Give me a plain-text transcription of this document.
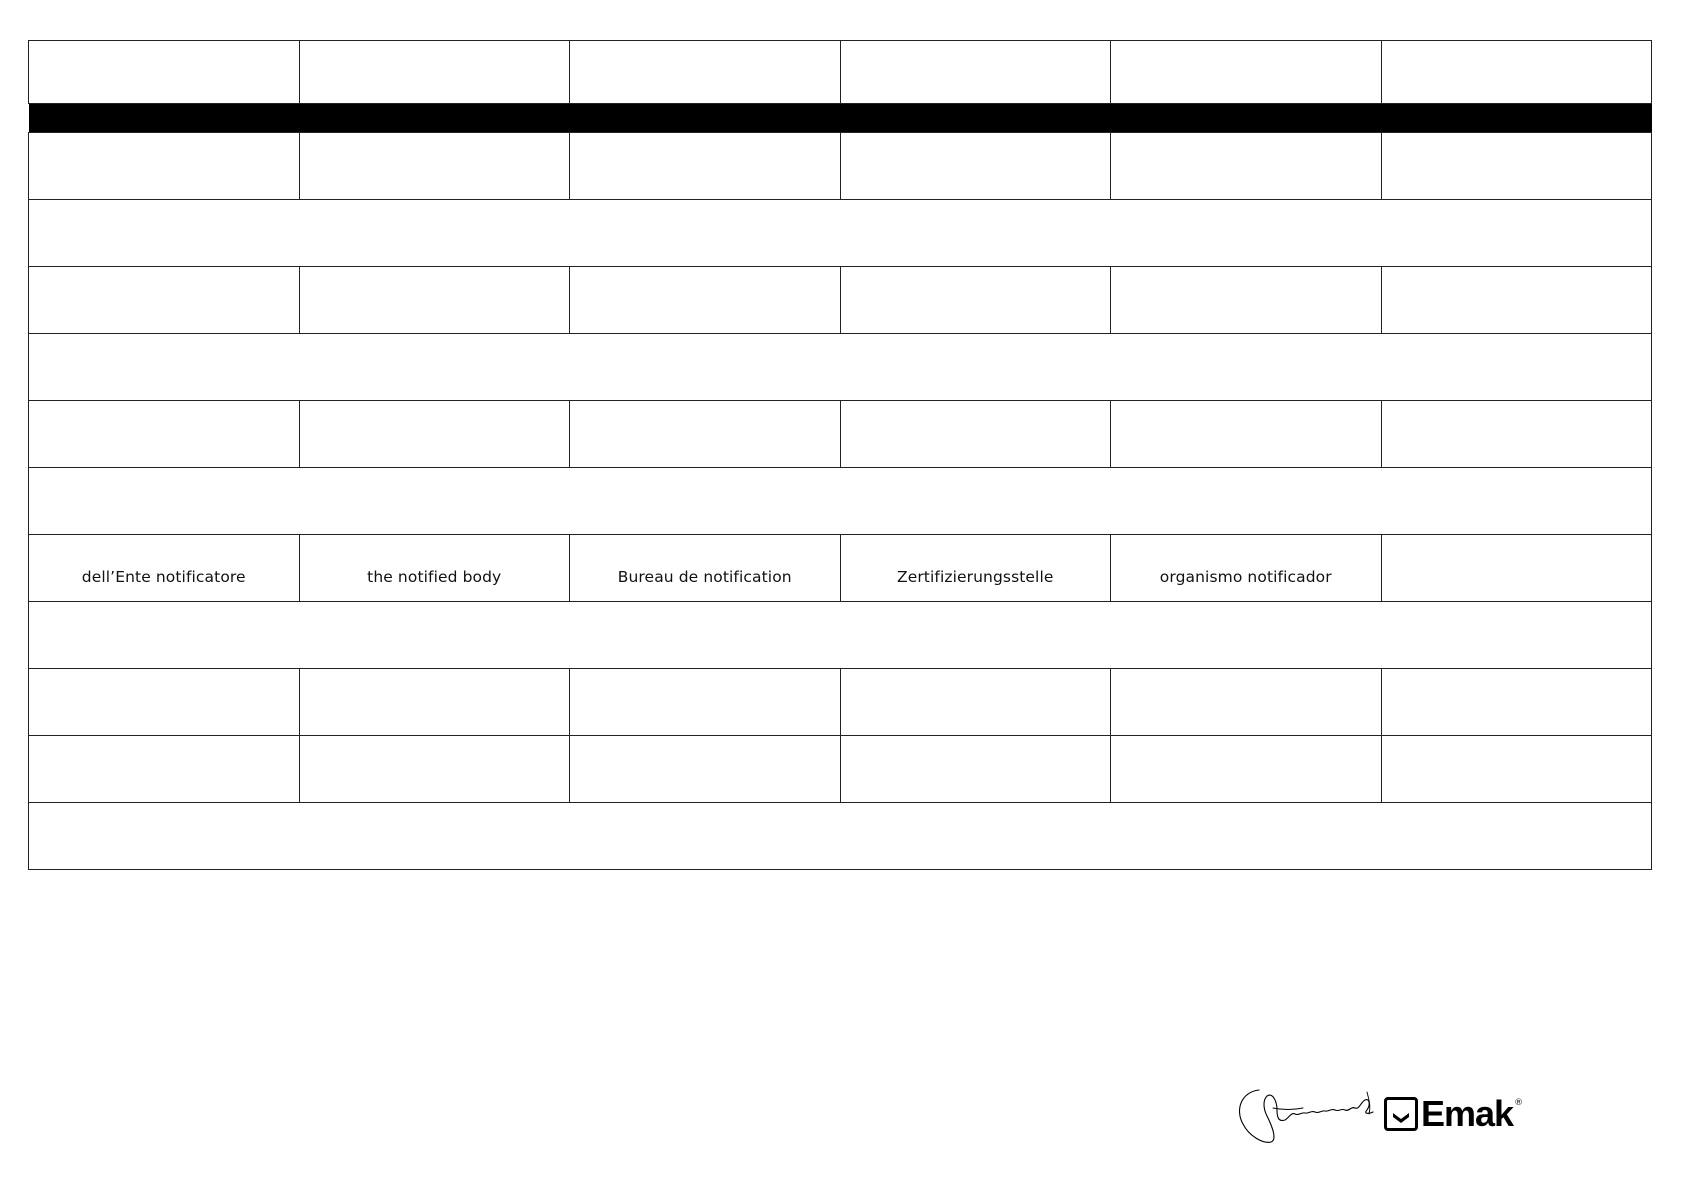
dell’Ente notificatore	the notified body	Bureau de notification	Zertifizierungsstelle	organismo notificador	

Emak ®
